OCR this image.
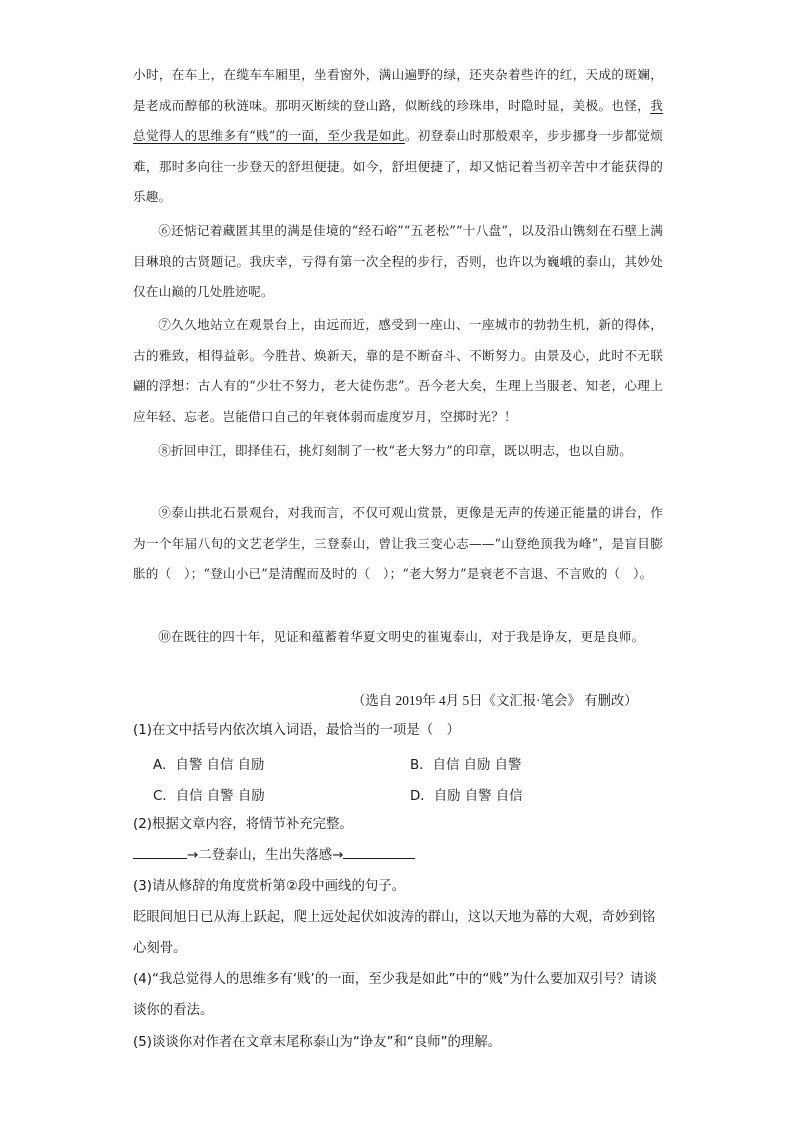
小时，在车上，在缆车车厢里，坐看窗外，满山遍野的绿，还夹杂着些许的红，天成的斑斓，是老成而醇郁的秋涟味。那明灭断续的登山路，似断线的珍珠串，时隐时显，美极。也怪，我总觉得人的思维多有“贱”的一面，至少我是如此。初登泰山时那般艰辛，步步挪身一步都觉烦难，那时多向往一步登天的舒坦便捷。如今，舒坦便捷了，却又惦记着当初辛苦中才能获得的乐趣。

⑥还惦记着藏匿其里的满是佳境的“经石峪”“五老松”“十八盘”，以及沿山镌刻在石壁上满目琳琅的古贤题记。我庆幸，亏得有第一次全程的步行，否则，也许以为巍峨的泰山，其妙处仅在山巅的几处胜迹呢。

⑦久久地站立在观景台上，由远而近，感受到一座山、一座城市的勃勃生机，新的得体，古的雅致，相得益彰。今胜昔、焕新天，靠的是不断奋斗、不断努力。由景及心，此时不无联翩的浮想：古人有的“少壮不努力，老大徒伤悲”。吾今老大矣，生理上当服老、知老，心理上应年轻、忘老。岂能借口自己的年衰体弱而虚度岁月，空掷时光？！

⑧折回申江，即择佳石，挑灯刻制了一枚“老大努力”的印章，既以明志，也以自励。

⑨泰山拱北石景观台，对我而言，不仅可观山赏景，更像是无声的传递正能量的讲台，作为一个年届八旬的文艺老学生，三登泰山，曾让我三变心志——“山登绝顶我为峰”，是盲目膨胀的（　）；“登山小已”是清醒而及时的（　）；“老大努力”是衰老不言退、不言败的（　）。

⑩在既往的四十年，见证和蕴蓄着华夏文明史的崔嵬泰山，对于我是诤友，更是良师。

（选自 2019年 4月 5日《文汇报·笔会》 有删改）

(1)在文中括号内依次填入词语，最恰当的一项是（　）

A．自警 自信 自励	B．自信 自励 自警
C．自信 自警 自励	D．自励 自警 自信

(2)根据文章内容，将情节补充完整。

→二登泰山，生出失落感→

(3)请从修辞的角度赏析第②段中画线的句子。

眨眼间旭日已从海上跃起，爬上远处起伏如波涛的群山，这以天地为幕的大观，奇妙到铭心刻骨。

(4)“我总觉得人的思维多有‘贱’的一面，至少我是如此”中的“贱”为什么要加双引号？请谈谈你的看法。

(5)谈谈你对作者在文章末尾称泰山为“诤友”和“良师”的理解。
